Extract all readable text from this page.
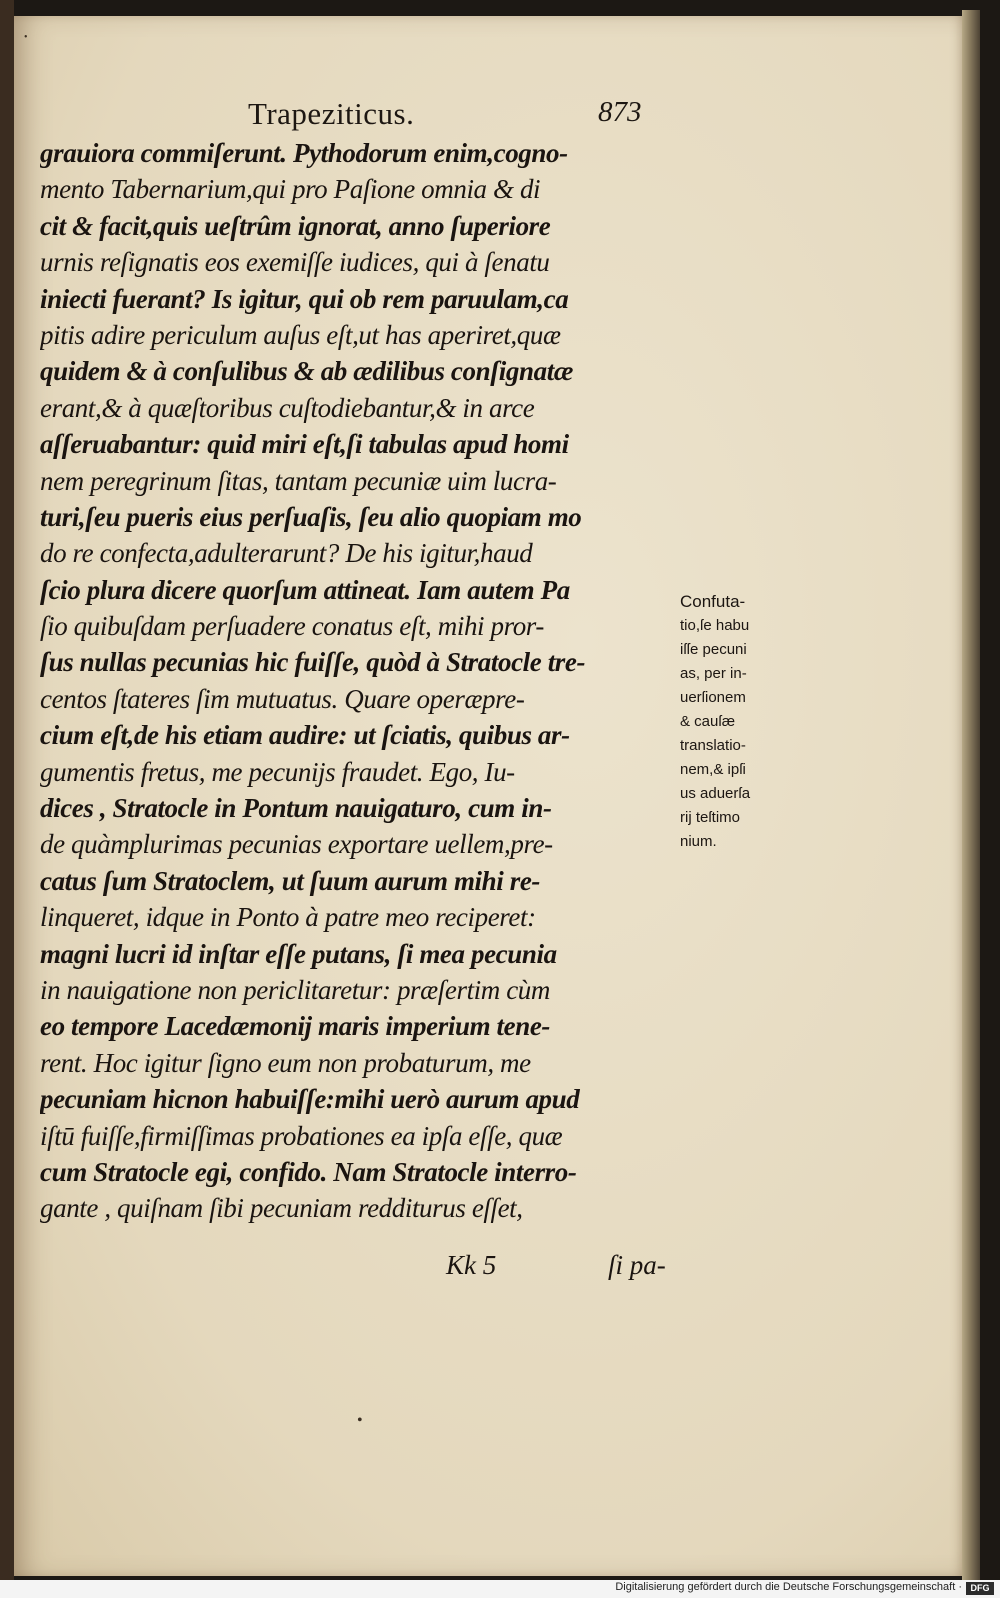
•
Trapeziticus.	873
grauiora commiſerunt. Pythodorum enim,cogno-
mento Tabernarium,qui pro Paſione omnia & di
cit & facit,quis ueſtrûm ignorat, anno ſuperiore
urnis reſignatis eos exemiſſe iudices, qui à ſenatu
iniecti fuerant? Is igitur, qui ob rem paruulam,ca
pitis adire periculum auſus eſt,ut has aperiret,quæ
quidem & à conſulibus & ab ædilibus conſignatæ
erant,& à quæſtoribus cuſtodiebantur,& in arce
aſſeruabantur: quid miri eſt,ſi tabulas apud homi
nem peregrinum ſitas, tantam pecuniæ uim lucra-
turi,ſeu pueris eius perſuaſis, ſeu alio quopiam mo
do re confecta,adulterarunt? De his igitur,haud
ſcio plura dicere quorſum attineat. Iam autem Pa
ſio quibuſdam perſuadere conatus eſt, mihi pror-
ſus nullas pecunias hic fuiſſe, quòd à Stratocle tre-
centos ſtateres ſim mutuatus. Quare operæpre-
cium eſt,de his etiam audire: ut ſciatis, quibus ar-
gumentis fretus, me pecunijs fraudet. Ego, Iu-
dices , Stratocle in Pontum nauigaturo, cum in-
de quàmplurimas pecunias exportare uellem,pre-
catus ſum Stratoclem, ut ſuum aurum mihi re-
linqueret, idque in Ponto à patre meo reciperet:
magni lucri id inſtar eſſe putans, ſi mea pecunia
in nauigatione non periclitaretur: præſertim cùm
eo tempore Lacedæmonij maris imperium tene-
rent. Hoc igitur ſigno eum non probaturum, me
pecuniam hicnon habuiſſe:mihi uerò aurum apud
iſtū fuiſſe,firmiſſimas probationes ea ipſa eſſe, quæ
cum Stratocle egi, confido. Nam Stratocle interro-
gante , quiſnam ſibi pecuniam redditurus eſſet,
Confuta-
tio,ſe habu
iſſe pecuni
as, per in-
uerſionem
& cauſæ
translatio-
nem,& ipſi
us aduerſa
rij teſtimo
nium.
Kk 5	ſi pa-
•
Digitalisierung gefördert durch die Deutsche Forschungsgemeinschaft · DFG
